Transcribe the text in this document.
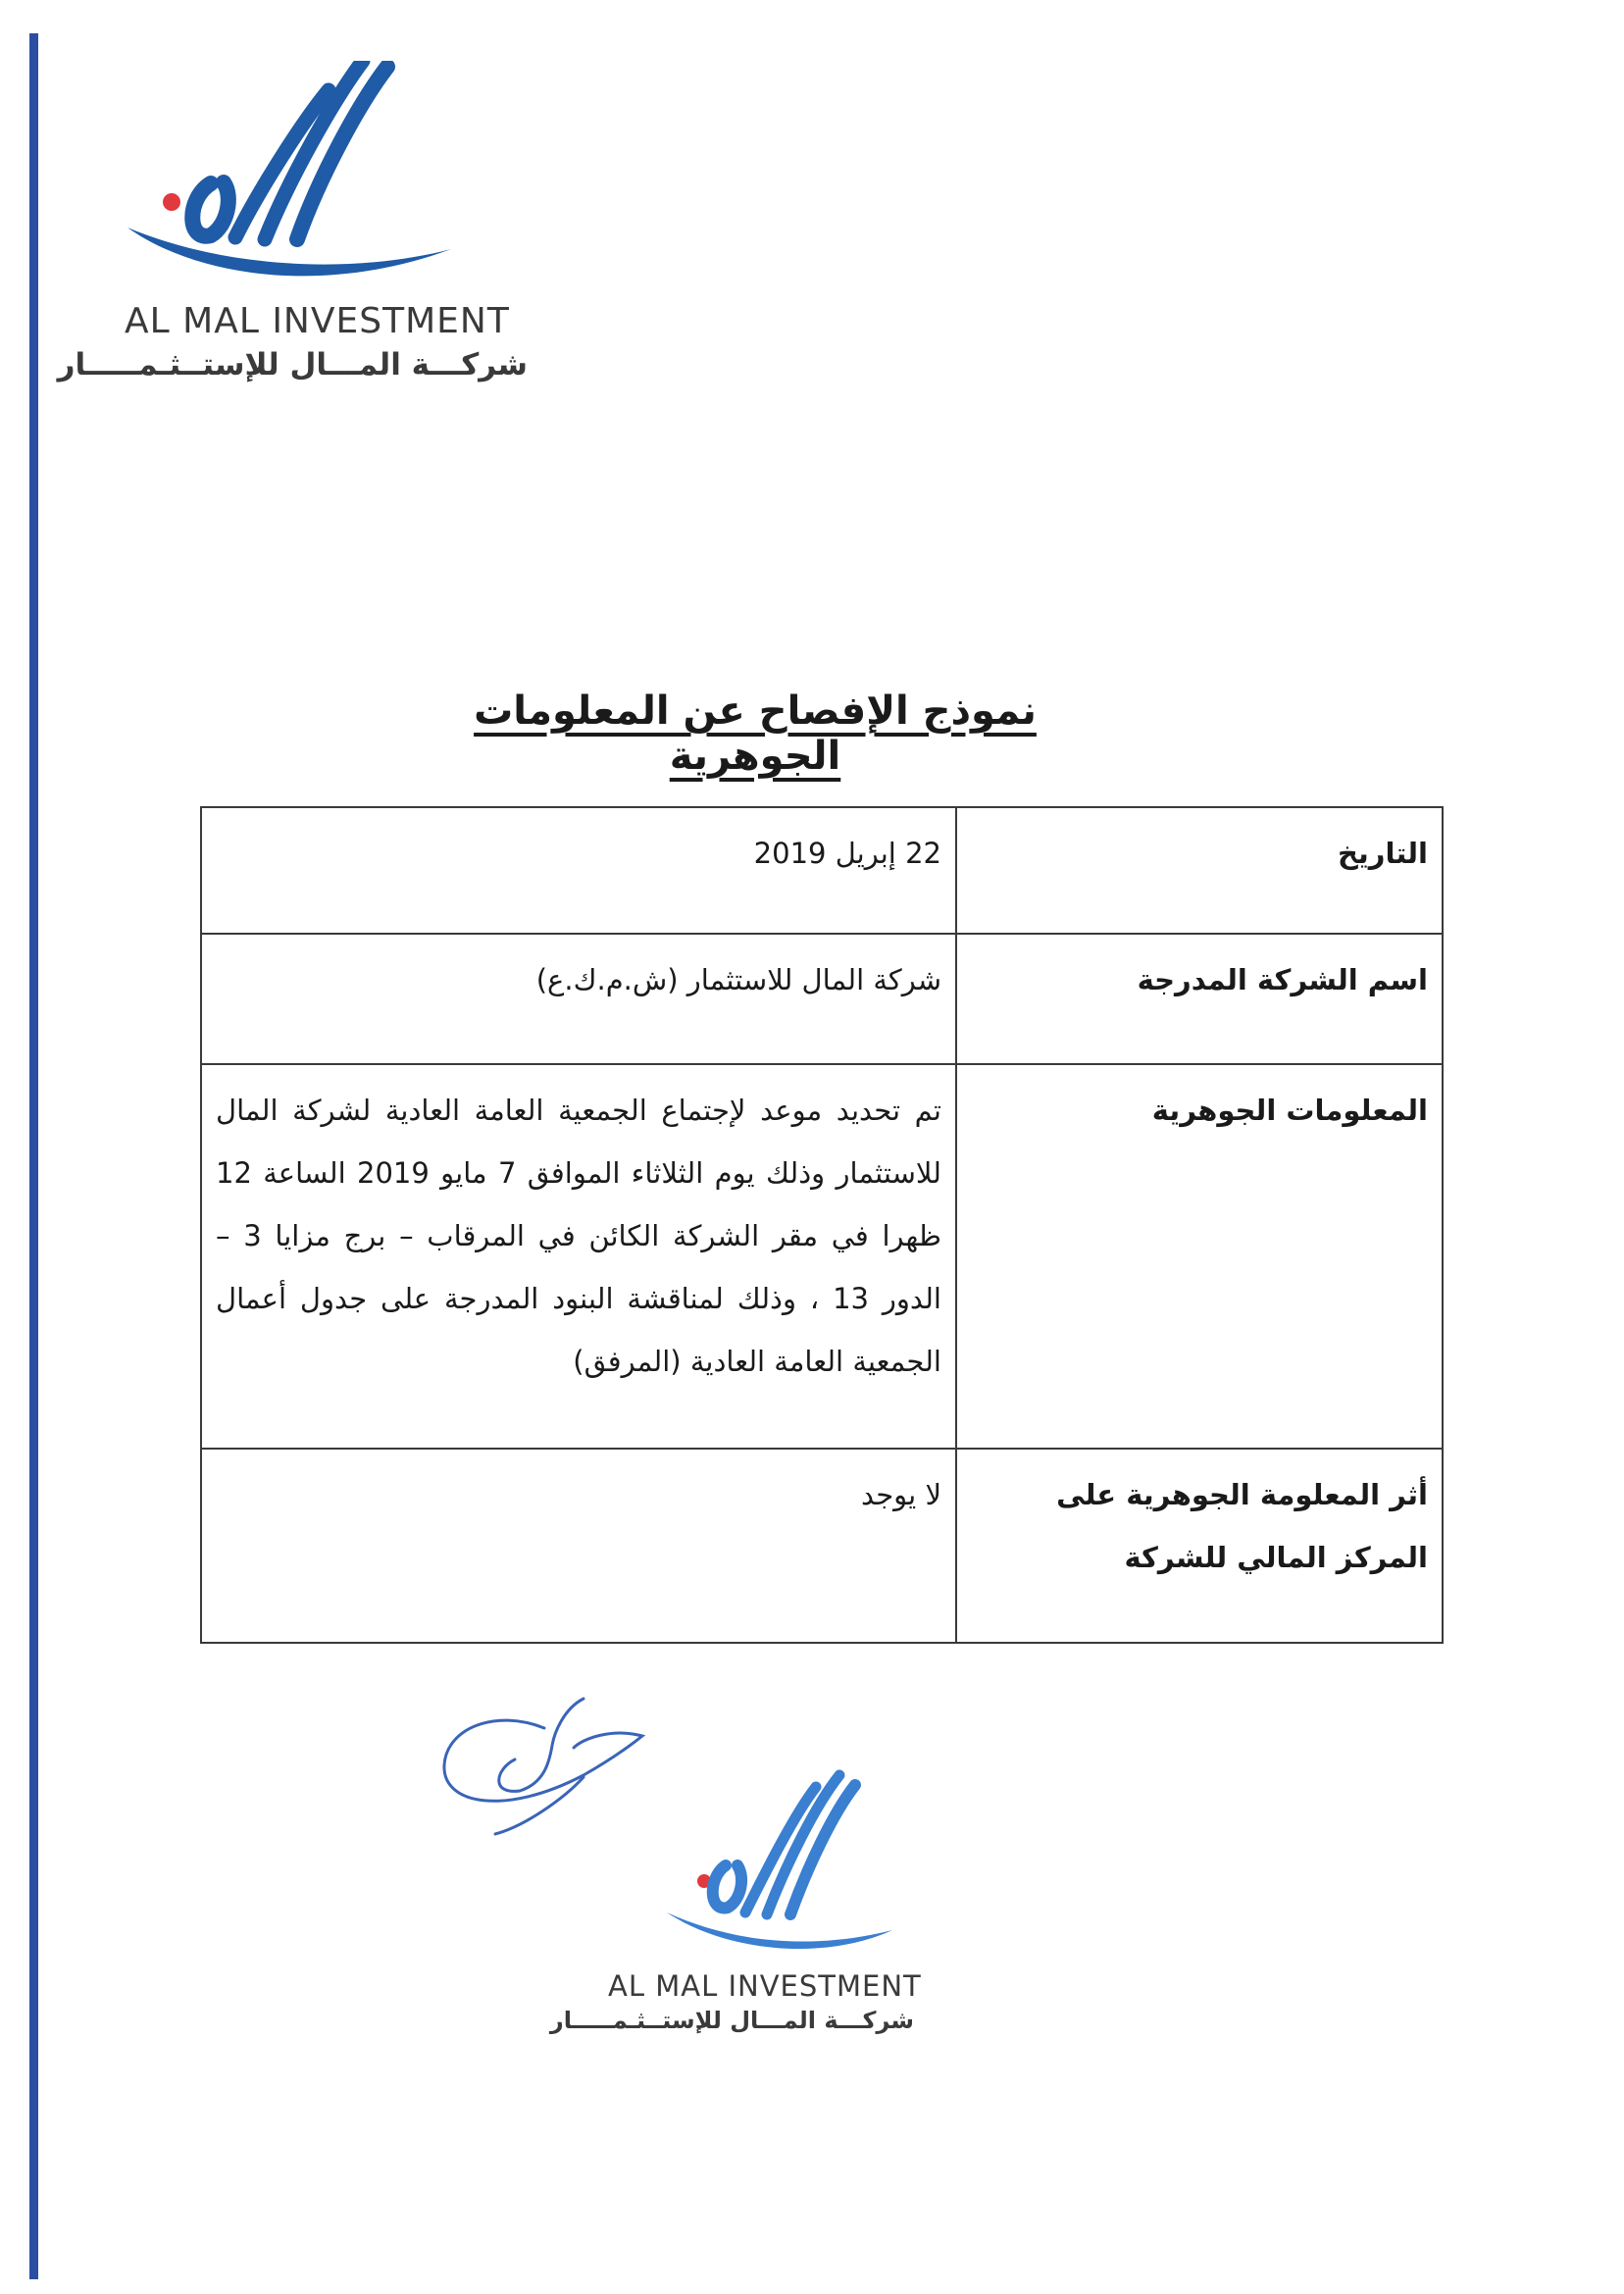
AL MAL INVESTMENT
شركـــة المـــال للإستــثـمـــــار
نموذج الإفصاح عن المعلومات الجوهرية
التاريخ	22 إبريل 2019
اسم الشركة المدرجة	شركة المال للاستثمار (ش.م.ك.ع)
المعلومات الجوهرية	تم تحديد موعد لإجتماع الجمعية العامة العادية لشركة المال للاستثمار وذلك يوم الثلاثاء الموافق 7 مايو 2019 الساعة 12 ظهرا في مقر الشركة الكائن في المرقاب – برج مزايا 3 – الدور 13 ، وذلك لمناقشة البنود المدرجة على جدول أعمال الجمعية العامة العادية (المرفق)
أثر المعلومة الجوهرية على المركز المالي للشركة	لا يوجد
AL MAL INVESTMENT
شركـــة المـــال للإستــثـمـــــار
